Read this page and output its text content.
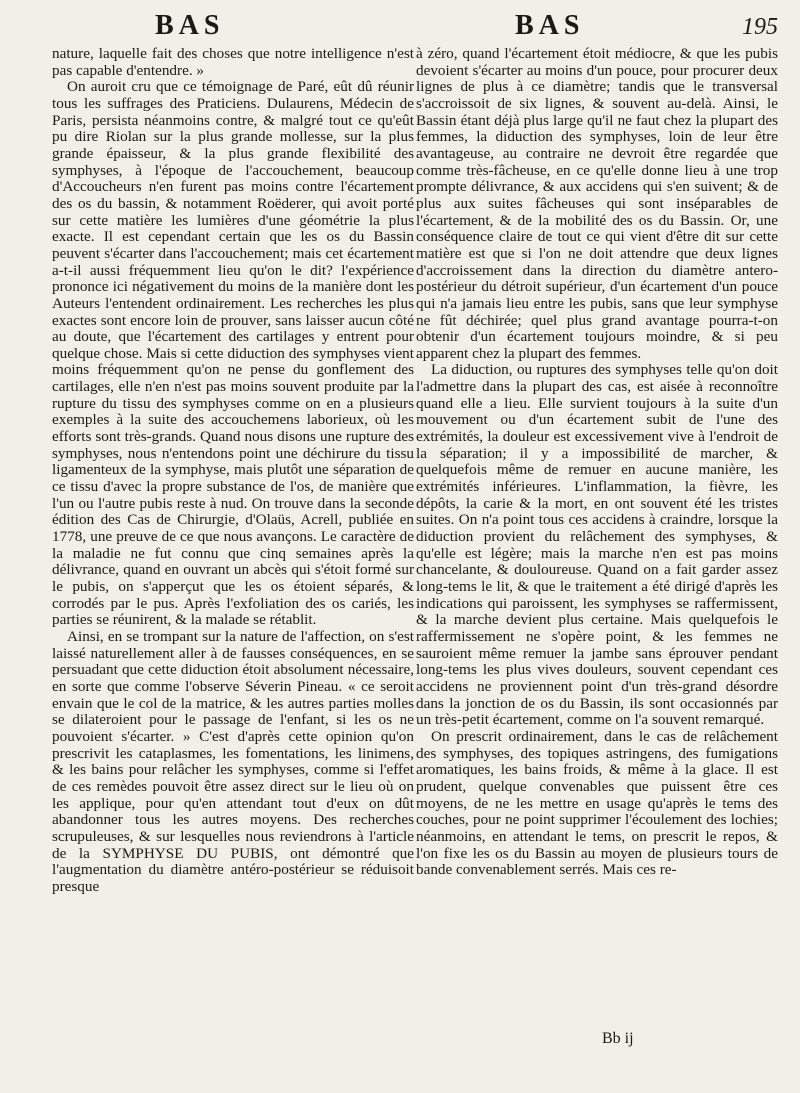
BAS	BAS	195

nature, laquelle fait des choses que notre intelligence n'est pas capable d'entendre. »

On auroit cru que ce témoignage de Paré, eût dû réunir tous les suffrages des Praticiens. Dulaurens, Médecin de Paris, persista néanmoins contre, & malgré tout ce qu'eût pu dire Riolan sur la plus grande mollesse, sur la plus grande épaisseur, & la plus grande flexibilité des symphyses, à l'époque de l'accouchement, beaucoup d'Accoucheurs n'en furent pas moins contre l'écartement des os du bassin, & notamment Roëderer, qui avoit porté sur cette matière les lumières d'une géométrie la plus exacte. Il est cependant certain que les os du Bassin peuvent s'écarter dans l'accouchement; mais cet écartement a-t-il aussi fréquemment lieu qu'on le dit? l'expérience prononce ici négativement du moins de la manière dont les Auteurs l'entendent ordinairement. Les recherches les plus exactes sont encore loin de prouver, sans laisser aucun côté au doute, que l'écartement des cartilages y entrent pour quelque chose. Mais si cette diduction des symphyses vient moins fréquemment qu'on ne pense du gonflement des cartilages, elle n'en n'est pas moins souvent produite par la rupture du tissu des symphyses comme on en a plusieurs exemples à la suite des accouchemens laborieux, où les efforts sont très-grands. Quand nous disons une rupture des symphyses, nous n'entendons point une déchirure du tissu ligamenteux de la symphyse, mais plutôt une séparation de ce tissu d'avec la propre substance de l'os, de manière que l'un ou l'autre pubis reste à nud. On trouve dans la seconde édition des Cas de Chirurgie, d'Olaüs, Acrell, publiée en 1778, une preuve de ce que nous avançons. Le caractère de la maladie ne fut connu que cinq semaines après la délivrance, quand en ouvrant un abcès qui s'étoit formé sur le pubis, on s'apperçut que les os étoient séparés, & corrodés par le pus. Après l'exfoliation des os cariés, les parties se réunirent, & la malade se rétablit.

Ainsi, en se trompant sur la nature de l'affection, on s'est laissé naturellement aller à de fausses conséquences, en se persuadant que cette diduction étoit absolument nécessaire, en sorte que comme l'observe Séverin Pineau. « ce seroit envain que le col de la matrice, & les autres parties molles se dilateroient pour le passage de l'enfant, si les os ne pouvoient s'écarter. » C'est d'après cette opinion qu'on prescrivit les cataplasmes, les fomentations, les linimens, & les bains pour relâcher les symphyses, comme si l'effet de ces remèdes pouvoit être assez direct sur le lieu où on les applique, pour qu'en attendant tout d'eux on dût abandonner tous les autres moyens. Des recherches scrupuleuses, & sur lesquelles nous reviendrons à l'article de la SYMPHYSE DU PUBIS, ont démontré que l'augmentation du diamètre antéro-postérieur se réduisoit presque

à zéro, quand l'écartement étoit médiocre, & que les pubis devoient s'écarter au moins d'un pouce, pour procurer deux lignes de plus à ce diamètre; tandis que le transversal s'accroissoit de six lignes, & souvent au-delà. Ainsi, le Bassin étant déjà plus large qu'il ne faut chez la plupart des femmes, la diduction des symphyses, loin de leur être avantageuse, au contraire ne devroit être regardée que comme très-fâcheuse, en ce qu'elle donne lieu à une trop prompte délivrance, & aux accidens qui s'en suivent; & de plus aux suites fâcheuses qui sont inséparables de l'écartement, & de la mobilité des os du Bassin. Or, une conséquence claire de tout ce qui vient d'être dit sur cette matière est que si l'on ne doit attendre que deux lignes d'accroissement dans la direction du diamètre antero-postérieur du détroit supérieur, d'un écartement d'un pouce qui n'a jamais lieu entre les pubis, sans que leur symphyse ne fût déchirée; quel plus grand avantage pourra-t-on obtenir d'un écartement toujours moindre, & si peu apparent chez la plupart des femmes.

La diduction, ou ruptures des symphyses telle qu'on doit l'admettre dans la plupart des cas, est aisée à reconnoître quand elle a lieu. Elle survient toujours à la suite d'un mouvement ou d'un écartement subit de l'une des extrémités, la douleur est excessivement vive à l'endroit de la séparation; il y a impossibilité de marcher, & quelquefois même de remuer en aucune manière, les extrémités inférieures. L'inflammation, la fièvre, les dépôts, la carie & la mort, en ont souvent été les tristes suites. On n'a point tous ces accidens à craindre, lorsque la diduction provient du relâchement des symphyses, & qu'elle est légère; mais la marche n'en est pas moins chancelante, & douloureuse. Quand on a fait garder assez long-tems le lit, & que le traitement a été dirigé d'après les indications qui paroissent, les symphyses se raffermissent, & la marche devient plus certaine. Mais quelquefois le raffermissement ne s'opère point, & les femmes ne sauroient même remuer la jambe sans éprouver pendant long-tems les plus vives douleurs, souvent cependant ces accidens ne proviennent point d'un très-grand désordre dans la jonction de os du Bassin, ils sont occasionnés par un très-petit écartement, comme on l'a souvent remarqué.

On prescrit ordinairement, dans le cas de relâchement des symphyses, des topiques astringens, des fumigations aromatiques, les bains froids, & même à la glace. Il est prudent, quelque convenables que puissent être ces moyens, de ne les mettre en usage qu'après le tems des couches, pour ne point supprimer l'écoulement des lochies; néanmoins, en attendant le tems, on prescrit le repos, & l'on fixe les os du Bassin au moyen de plusieurs tours de bande convenablement serrés. Mais ces re-

Bb ij
